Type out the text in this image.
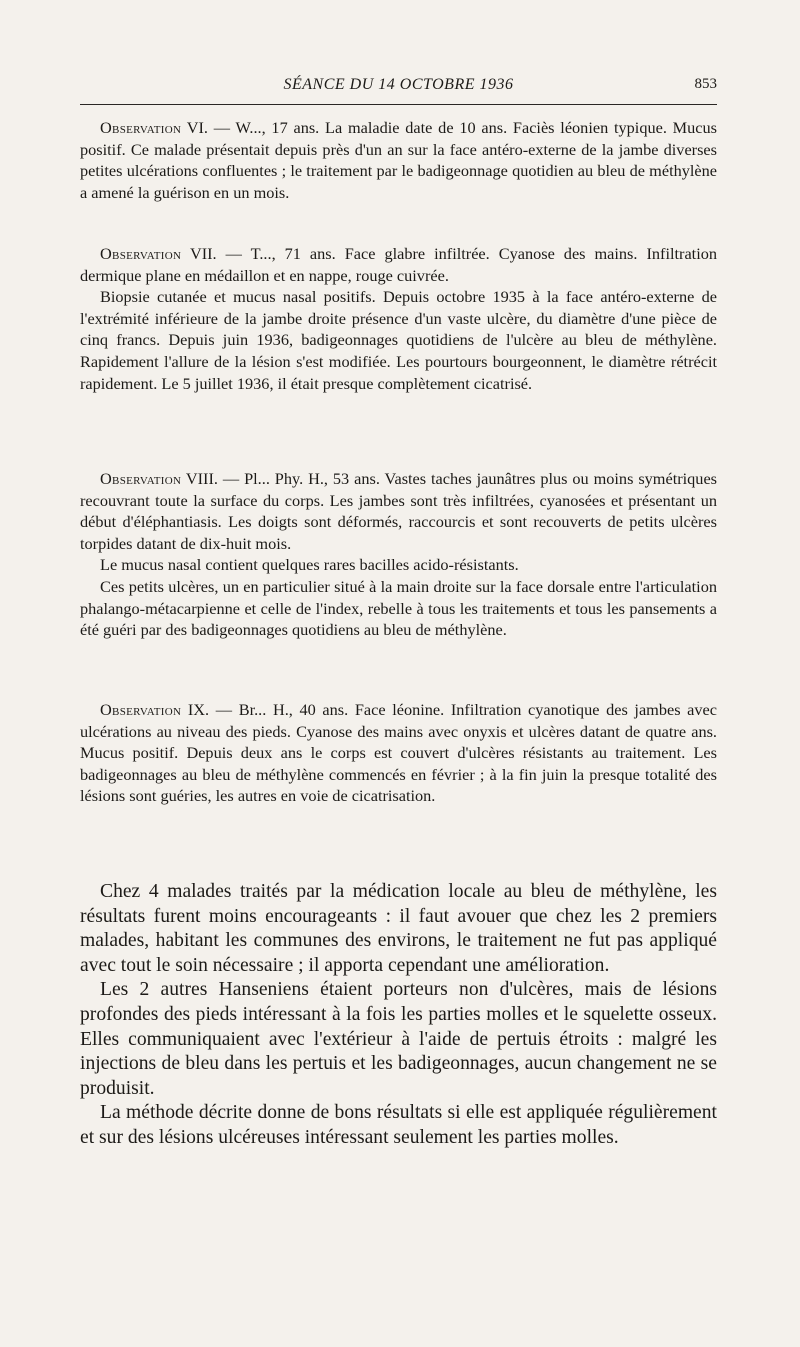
SÉANCE DU 14 OCTOBRE 1936	853

Observation VI. — W..., 17 ans. La maladie date de 10 ans. Faciès léonien typique. Mucus positif. Ce malade présentait depuis près d'un an sur la face antéro-externe de la jambe diverses petites ulcérations confluentes ; le traitement par le badigeonnage quotidien au bleu de méthylène a amené la guérison en un mois.

Observation VII. — T..., 71 ans. Face glabre infiltrée. Cyanose des mains. Infiltration dermique plane en médaillon et en nappe, rouge cuivrée.

Biopsie cutanée et mucus nasal positifs. Depuis octobre 1935 à la face antéro-externe de l'extrémité inférieure de la jambe droite présence d'un vaste ulcère, du diamètre d'une pièce de cinq francs. Depuis juin 1936, badigeonnages quotidiens de l'ulcère au bleu de méthylène. Rapidement l'allure de la lésion s'est modifiée. Les pourtours bourgeonnent, le diamètre rétrécit rapidement. Le 5 juillet 1936, il était presque complètement cicatrisé.

Observation VIII. — Pl... Phy. H., 53 ans. Vastes taches jaunâtres plus ou moins symétriques recouvrant toute la surface du corps. Les jambes sont très infiltrées, cyanosées et présentant un début d'éléphantiasis. Les doigts sont déformés, raccourcis et sont recouverts de petits ulcères torpides datant de dix-huit mois.

Le mucus nasal contient quelques rares bacilles acido-résistants.

Ces petits ulcères, un en particulier situé à la main droite sur la face dorsale entre l'articulation phalango-métacarpienne et celle de l'index, rebelle à tous les traitements et tous les pansements a été guéri par des badigeonnages quotidiens au bleu de méthylène.

Observation IX. — Br... H., 40 ans. Face léonine. Infiltration cyanotique des jambes avec ulcérations au niveau des pieds. Cyanose des mains avec onyxis et ulcères datant de quatre ans. Mucus positif. Depuis deux ans le corps est couvert d'ulcères résistants au traitement. Les badigeonnages au bleu de méthylène commencés en février ; à la fin juin la presque totalité des lésions sont guéries, les autres en voie de cicatrisation.

Chez 4 malades traités par la médication locale au bleu de méthylène, les résultats furent moins encourageants : il faut avouer que chez les 2 premiers malades, habitant les communes des environs, le traitement ne fut pas appliqué avec tout le soin nécessaire ; il apporta cependant une amélioration.

Les 2 autres Hanseniens étaient porteurs non d'ulcères, mais de lésions profondes des pieds intéressant à la fois les parties molles et le squelette osseux. Elles communiquaient avec l'extérieur à l'aide de pertuis étroits : malgré les injections de bleu dans les pertuis et les badigeonnages, aucun changement ne se produisit.

La méthode décrite donne de bons résultats si elle est appliquée régulièrement et sur des lésions ulcéreuses intéressant seulement les parties molles.
